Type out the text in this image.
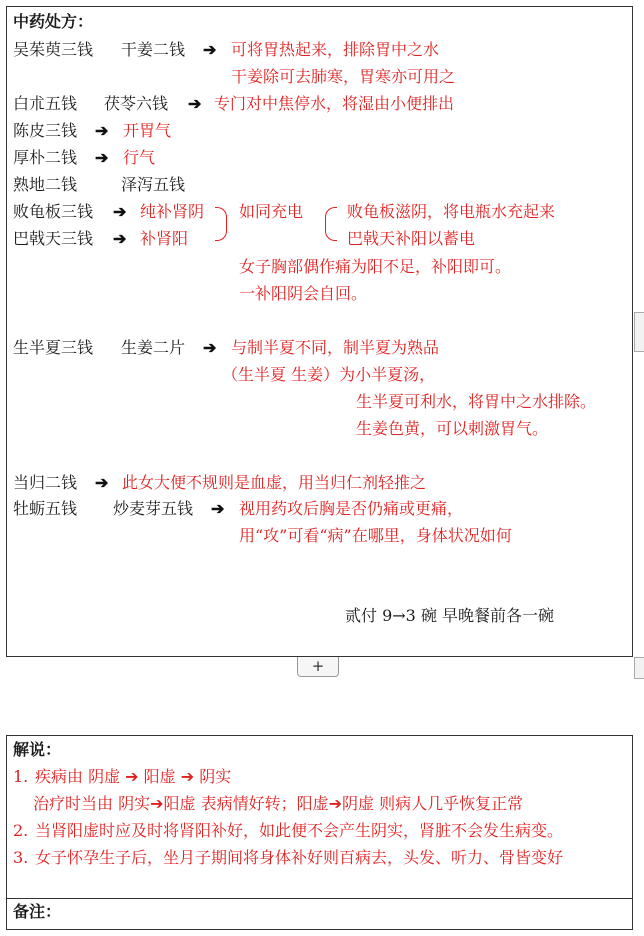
中药处方：
吴茱萸三钱 干姜二钱 ➔ 可将胃热起来，排除胃中之水
干姜除可去肺寒，胃寒亦可用之
白朮五钱 茯苓六钱 ➔ 专门对中焦停水，将湿由小便排出
陈皮三钱 ➔ 开胃气
厚朴二钱 ➔ 行气
熟地二钱	泽泻五钱
败龟板三钱 ➔ 纯补肾阴
巴戟天三钱 ➔ 补肾阳
如同充电	败龟板滋阴，将电瓶水充起来
巴戟天补阳以蓄电
女子胸部偶作痛为阳不足，补阳即可。
一补阳阴会自回。
生半夏三钱 生姜二片 ➔ 与制半夏不同，制半夏为熟品
（生半夏 生姜）为小半夏汤，
生半夏可利水，将胃中之水排除。
生姜色黄，可以刺激胃气。
当归二钱 ➔ 此女大便不规则是血虚，用当归仁剂轻推之
牡蛎五钱 炒麦芽五钱 ➔ 视用药攻后胸是否仍痛或更痛，
用“攻”可看“病”在哪里，身体状况如何
贰付 9→3 碗 早晚餐前各一碗
+
解说：
1. 疾病由 阴虚 ➔ 阳虚 ➔ 阴实
治疗时当由 阴实➔阳虚 表病情好转；阳虚➔阴虚 则病人几乎恢复正常
2. 当肾阳虚时应及时将肾阳补好，如此便不会产生阴实，肾脏不会发生病变。
3. 女子怀孕生子后，坐月子期间将身体补好则百病去，头发、听力、骨皆变好
备注：
